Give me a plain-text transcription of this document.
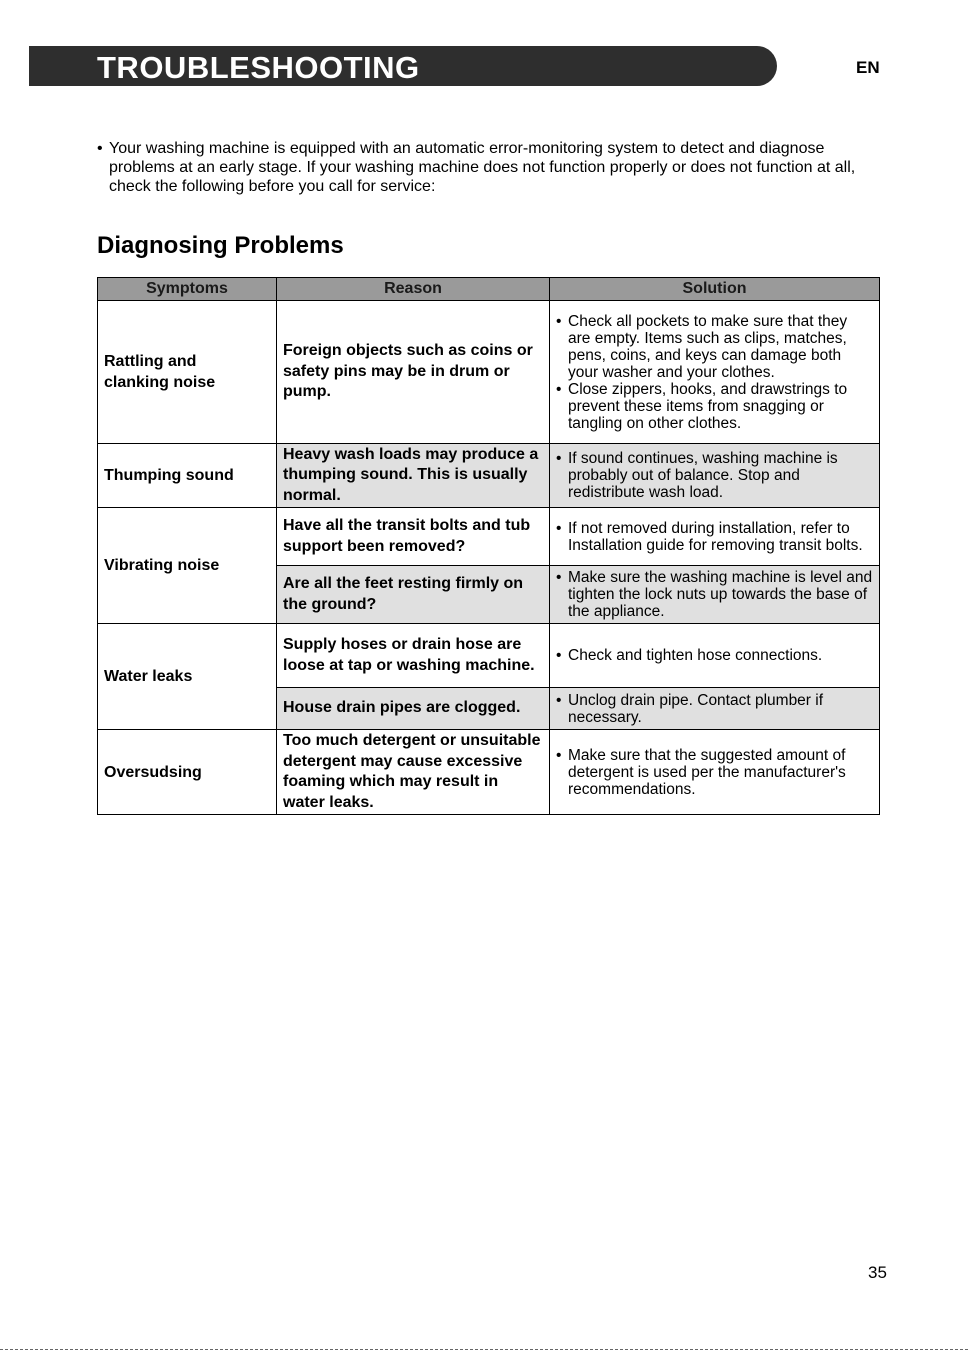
TROUBLESHOOTING	EN
• Your washing machine is equipped with an automatic error-monitoring system to detect and diagnose problems at an early stage. If your washing machine does not function properly or does not function at all, check the following before you call for service:
Diagnosing Problems
Symptoms	Reason	Solution
Rattling and clanking noise	Foreign objects such as coins or safety pins may be in drum or pump.	• Check all pockets to make sure that they are empty. Items such as clips, matches, pens, coins, and keys can damage both your washer and your clothes.
• Close zippers, hooks, and drawstrings to prevent these items from snagging or tangling on other clothes.

Thumping sound	Heavy wash loads may produce a thumping sound. This is usually normal.	• If sound continues, washing machine is probably out of balance. Stop and redistribute wash load.

Vibrating noise	Have all the transit bolts and tub support been removed?	• If not removed during installation, refer to Installation guide for removing transit bolts.

	Are all the feet resting firmly on the ground?	• Make sure the washing machine is level and tighten the lock nuts up towards the base of the appliance.

Water leaks	Supply hoses or drain hose are loose at tap or washing machine.	• Check and tighten hose connections.

	House drain pipes are clogged.	• Unclog drain pipe. Contact plumber if necessary.

Oversudsing	Too much detergent or unsuitable detergent may cause excessive foaming which may result in water leaks.	• Make sure that the suggested amount of detergent is used per the manufacturer's recommendations.
35
